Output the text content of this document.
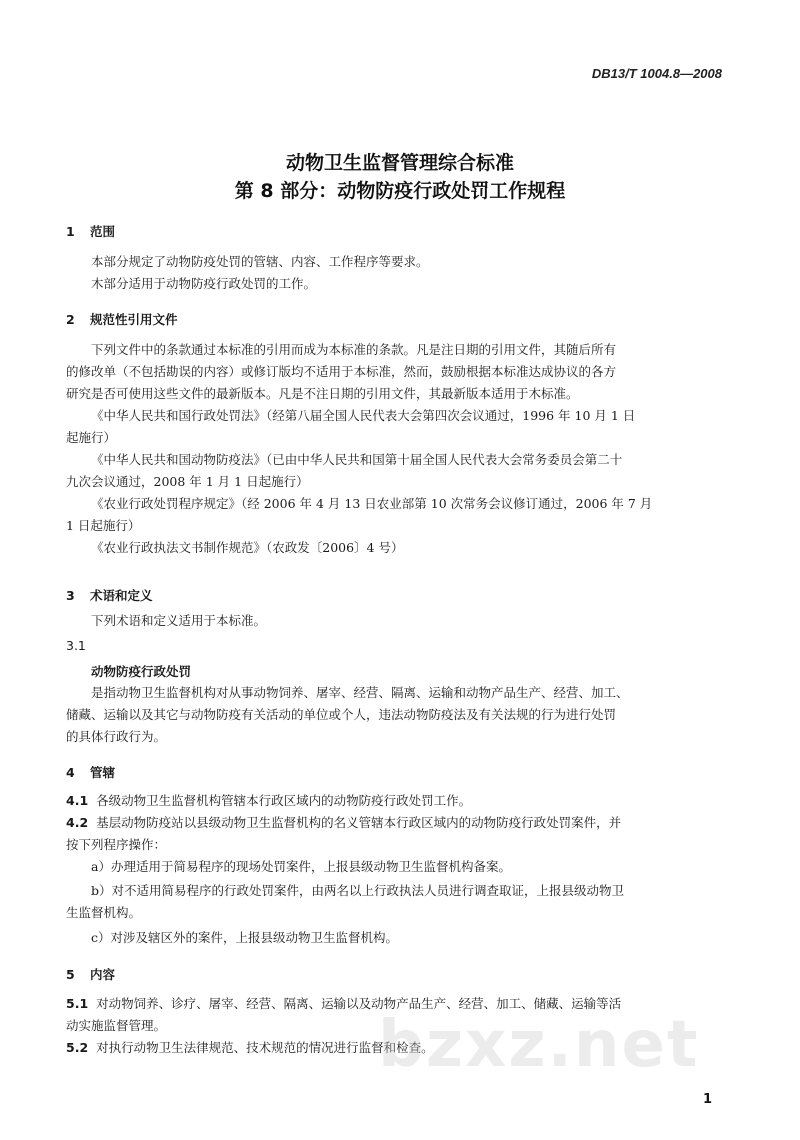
DB13/T 1004.8—2008
动物卫生监督管理综合标准
第 8 部分：动物防疫行政处罚工作规程
1 范围
本部分规定了动物防疫处罚的管辖、内容、工作程序等要求。
木部分适用于动物防疫行政处罚的工作。
2 规范性引用文件
下列文件中的条款通过本标准的引用而成为本标准的条款。凡是注日期的引用文件，其随后所有
的修改单（不包括勘误的内容）或修订版均不适用于本标准，然而，鼓励根据本标准达成协议的各方
研究是否可使用这些文件的最新版本。凡是不注日期的引用文件，其最新版本适用于木标准。
《中华人民共和国行政处罚法》（经第八届全国人民代表大会第四次会议通过，1996 年 10 月 1 日
起施行）
《中华人民共和国动物防疫法》（已由中华人民共和国第十届全国人民代表大会常务委员会第二十
九次会议通过，2008 年 1 月 1 日起施行）
《农业行政处罚程序规定》（经 2006 年 4 月 13 日农业部第 10 次常务会议修订通过，2006 年 7 月
1 日起施行）
《农业行政执法文书制作规范》（农政发〔2006〕4 号）
3 术语和定义
下列术语和定义适用于本标准。
3.1
动物防疫行政处罚
是指动物卫生监督机构对从事动物饲养、屠宰、经营、隔离、运输和动物产品生产、经营、加工、
储藏、运输以及其它与动物防疫有关活动的单位或个人，违法动物防疫法及有关法规的行为进行处罚
的具体行政行为。
4 管辖
4.1 各级动物卫生监督机构管辖本行政区域内的动物防疫行政处罚工作。
4.2 基层动物防疫站以县级动物卫生监督机构的名义管辖本行政区域内的动物防疫行政处罚案件，并
按下列程序操作：
a）办理适用于简易程序的现场处罚案件，上报县级动物卫生监督机构备案。
b）对不适用简易程序的行政处罚案件，由两名以上行政执法人员进行调查取证，上报县级动物卫
生监督机构。
c）对涉及辖区外的案件，上报县级动物卫生监督机构。
5 内容
5.1 对动物饲养、诊疗、屠宰、经营、隔离、运输以及动物产品生产、经营、加工、储藏、运输等活
动实施监督管理。
5.2 对执行动物卫生法律规范、技术规范的情况进行监督和检查。
bzxz.net
1
